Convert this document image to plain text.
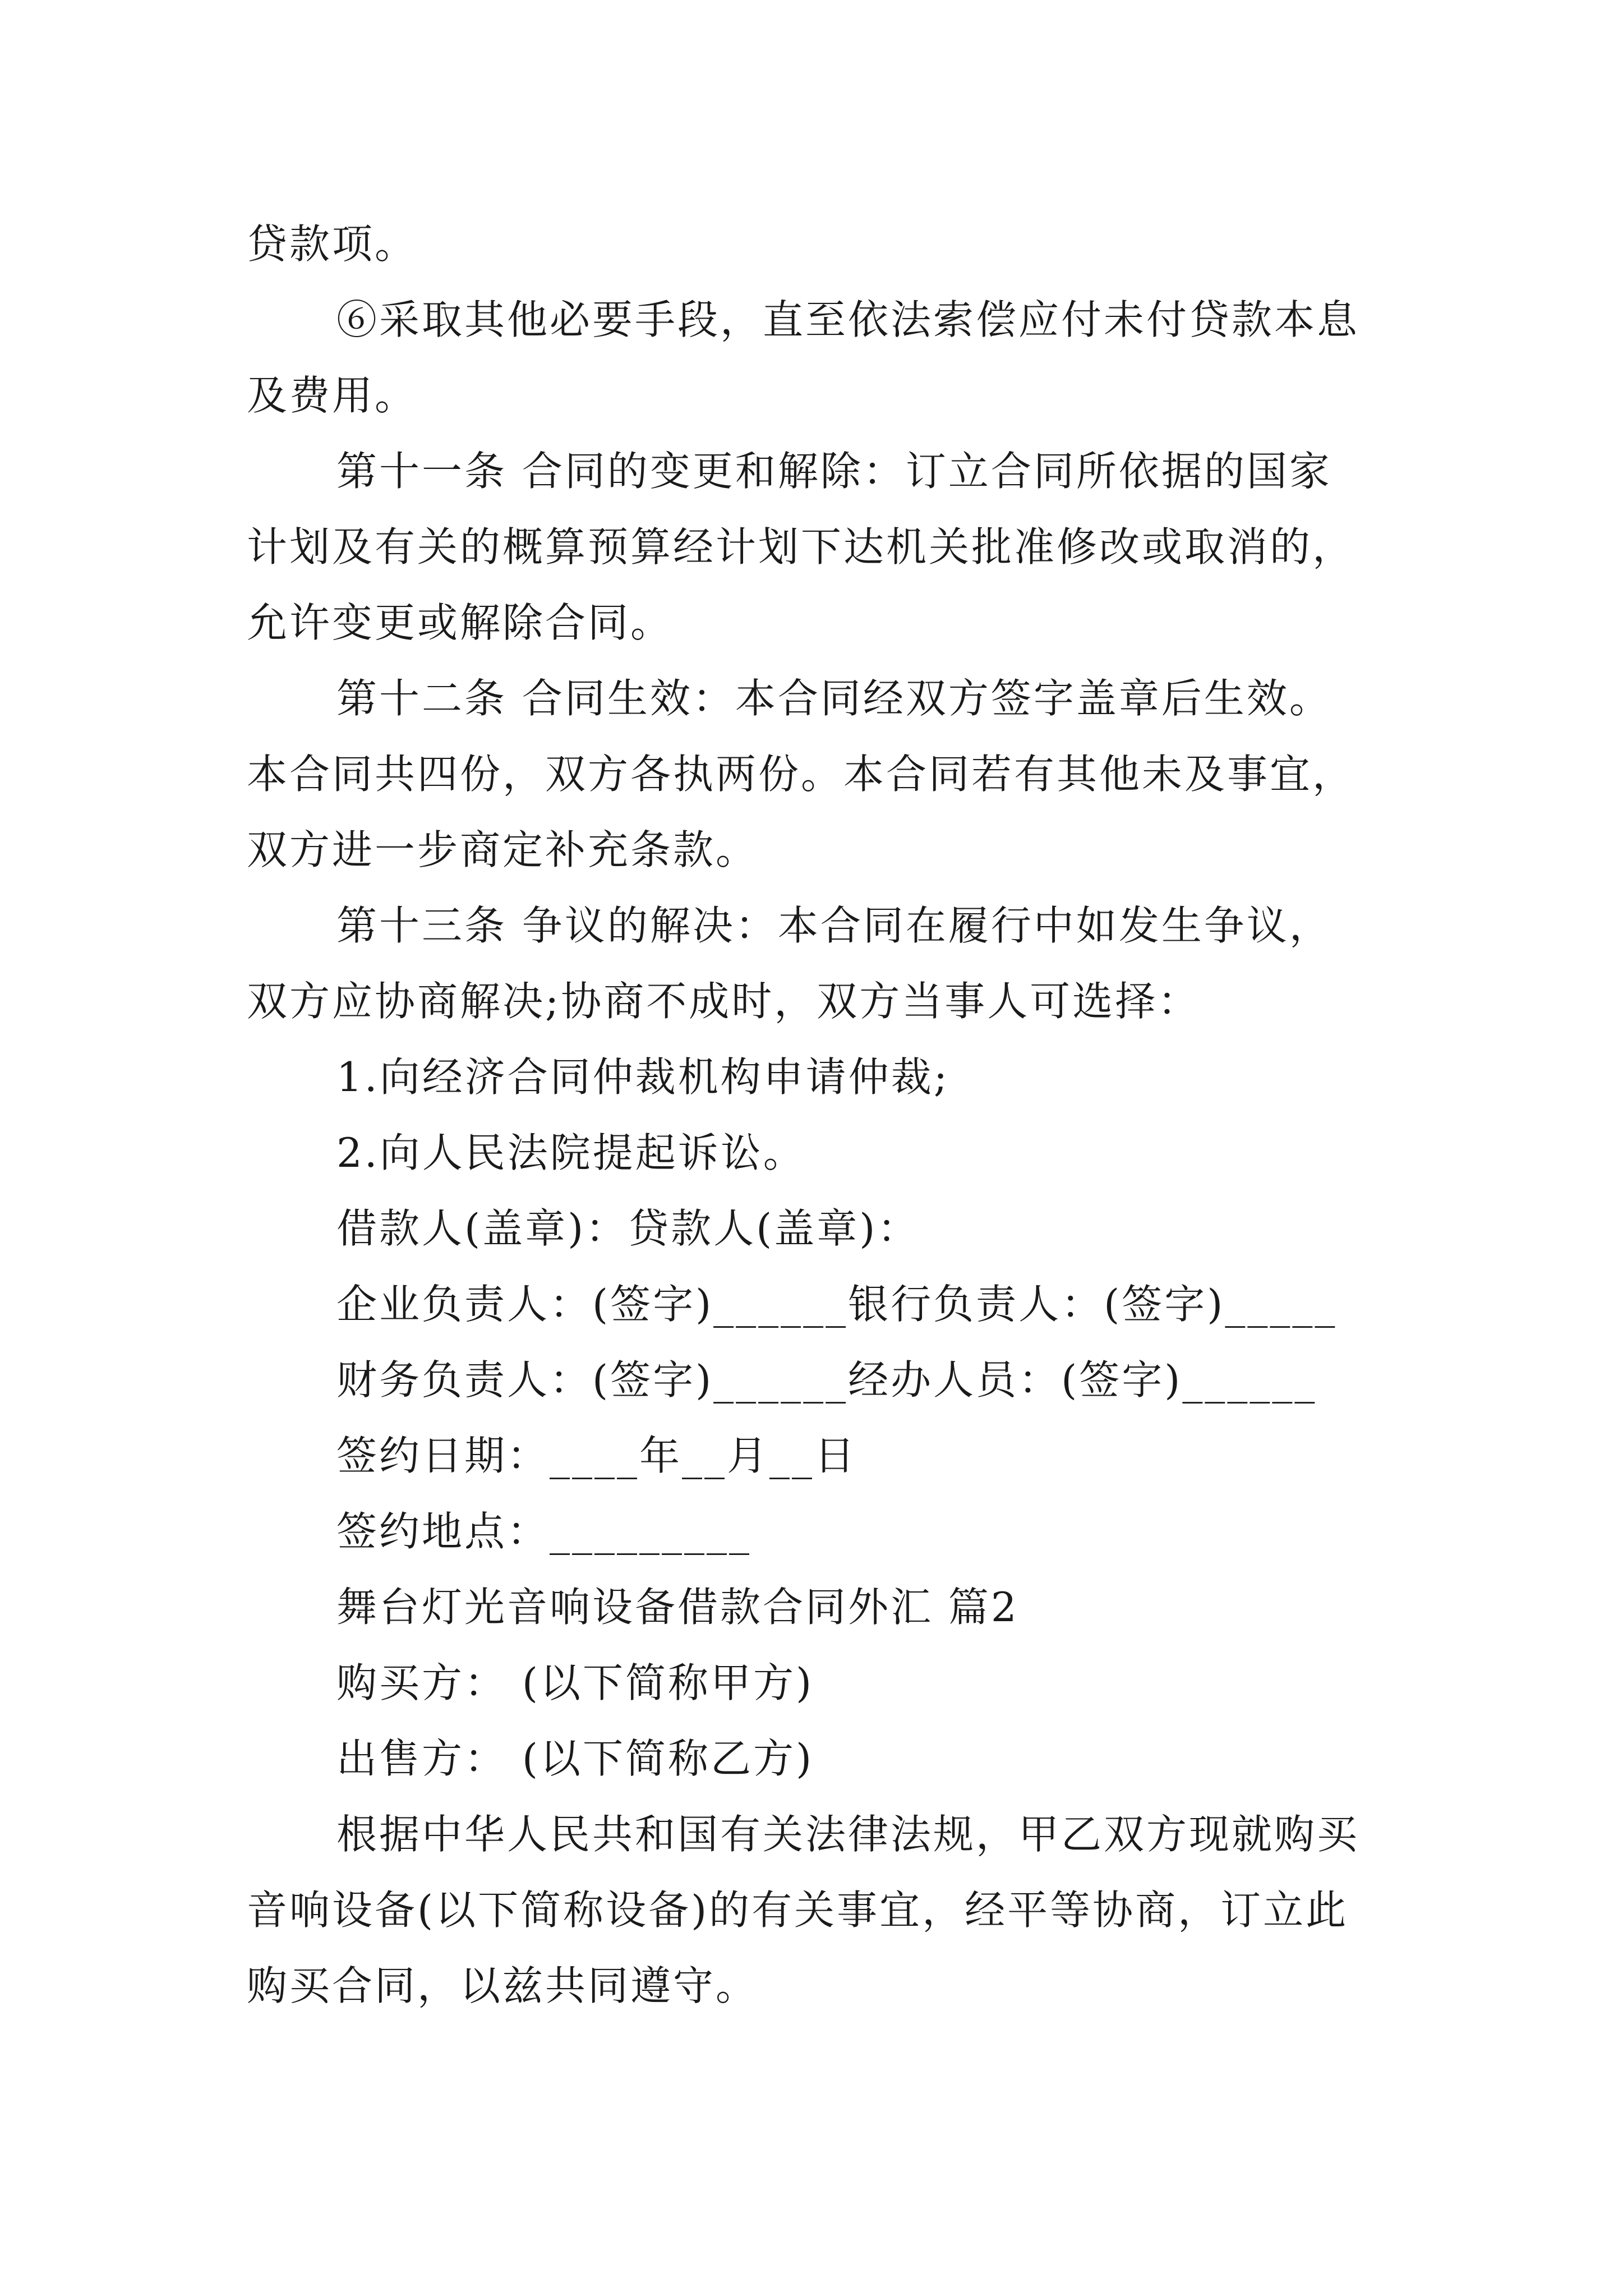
贷款项。
⑥采取其他必要手段，直至依法索偿应付未付贷款本息
及费用。
第十一条 合同的变更和解除：订立合同所依据的国家
计划及有关的概算预算经计划下达机关批准修改或取消的，
允许变更或解除合同。
第十二条 合同生效：本合同经双方签字盖章后生效。
本合同共四份，双方各执两份。本合同若有其他未及事宜，
双方进一步商定补充条款。
第十三条 争议的解决：本合同在履行中如发生争议，
双方应协商解决;协商不成时，双方当事人可选择：
1.向经济合同仲裁机构申请仲裁;
2.向人民法院提起诉讼。
借款人(盖章)：贷款人(盖章)：
企业负责人：(签字)______银行负责人：(签字)_____
财务负责人：(签字)______经办人员：(签字)______
签约日期：____年__月__日
签约地点：_________
舞台灯光音响设备借款合同外汇 篇2
购买方： (以下简称甲方)
出售方： (以下简称乙方)
根据中华人民共和国有关法律法规，甲乙双方现就购买
音响设备(以下简称设备)的有关事宜，经平等协商，订立此
购买合同，以兹共同遵守。
